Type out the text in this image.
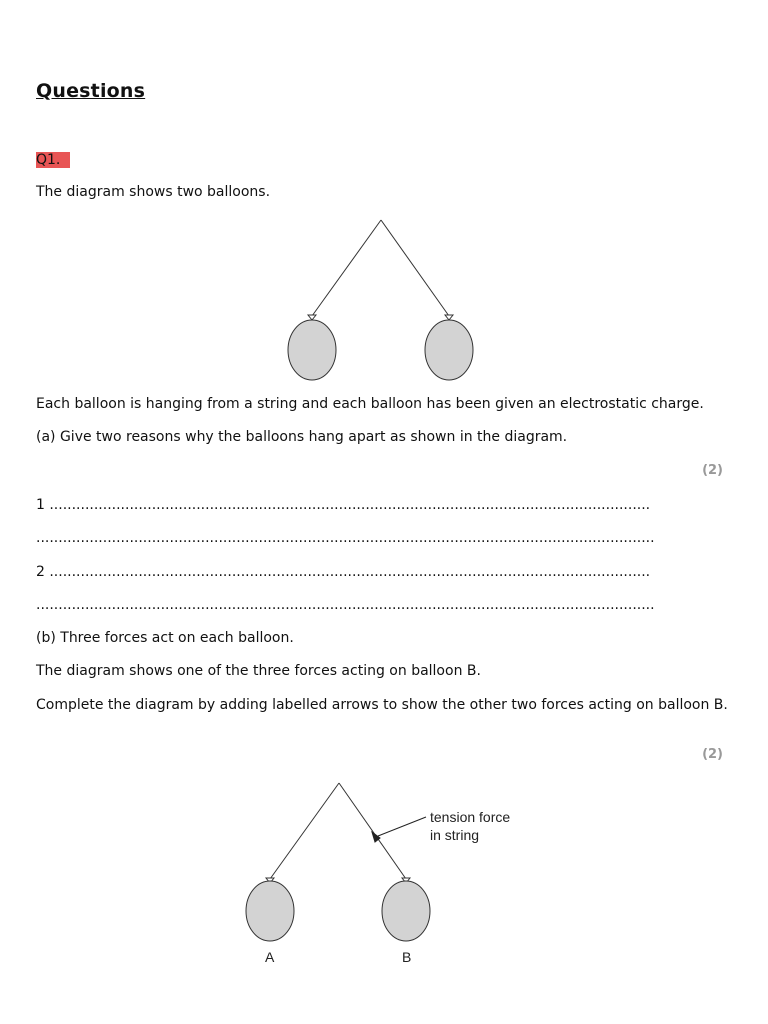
Questions
Q1.
The diagram shows two balloons.
Each balloon is hanging from a string and each balloon has been given an electrostatic charge.
(a) Give two reasons why the balloons hang apart as shown in the diagram.
(2)
1 .......................................................................................................................................
...........................................................................................................................................
2 .......................................................................................................................................
...........................................................................................................................................
(b) Three forces act on each balloon.
The diagram shows one of the three forces acting on balloon B.
Complete the diagram by adding labelled arrows to show the other two forces acting on balloon B.
(2)
tension force
in string
A	B
